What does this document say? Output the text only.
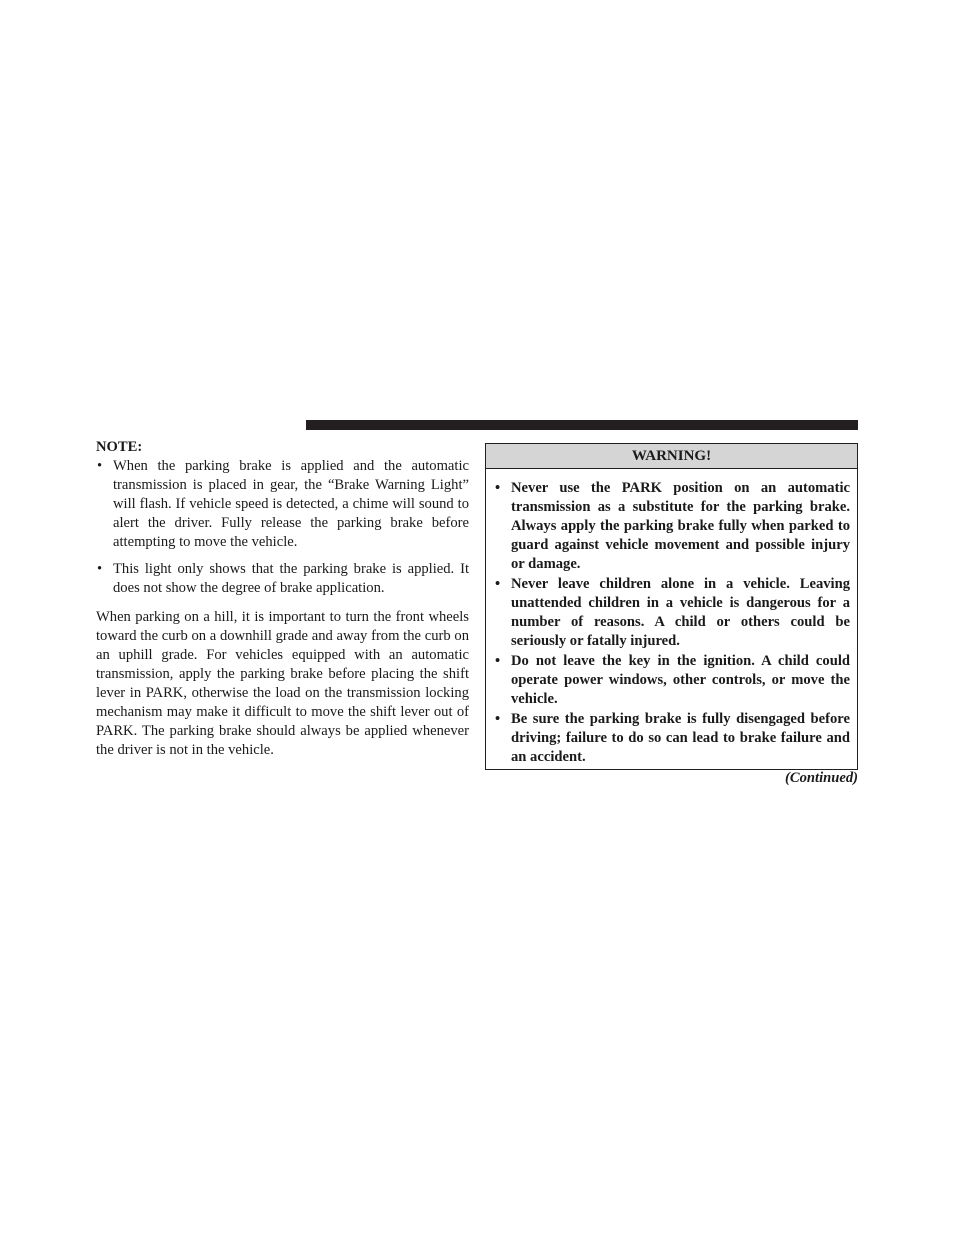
NOTE:

• When the parking brake is applied and the automatic transmission is placed in gear, the “Brake Warning Light” will flash. If vehicle speed is detected, a chime will sound to alert the driver. Fully release the parking brake before attempting to move the vehicle.
• This light only shows that the parking brake is applied. It does not show the degree of brake application.

When parking on a hill, it is important to turn the front wheels toward the curb on a downhill grade and away from the curb on an uphill grade. For vehicles equipped with an automatic transmission, apply the parking brake before placing the shift lever in PARK, otherwise the load on the transmission locking mechanism may make it difficult to move the shift lever out of PARK. The parking brake should always be applied whenever the driver is not in the vehicle.

WARNING!
• Never use the PARK position on an automatic transmission as a substitute for the parking brake. Always apply the parking brake fully when parked to guard against vehicle movement and possible injury or damage.
• Never leave children alone in a vehicle. Leaving unattended children in a vehicle is dangerous for a number of reasons. A child or others could be seriously or fatally injured.
• Do not leave the key in the ignition. A child could operate power windows, other controls, or move the vehicle.
• Be sure the parking brake is fully disengaged before driving; failure to do so can lead to brake failure and an accident.
(Continued)
